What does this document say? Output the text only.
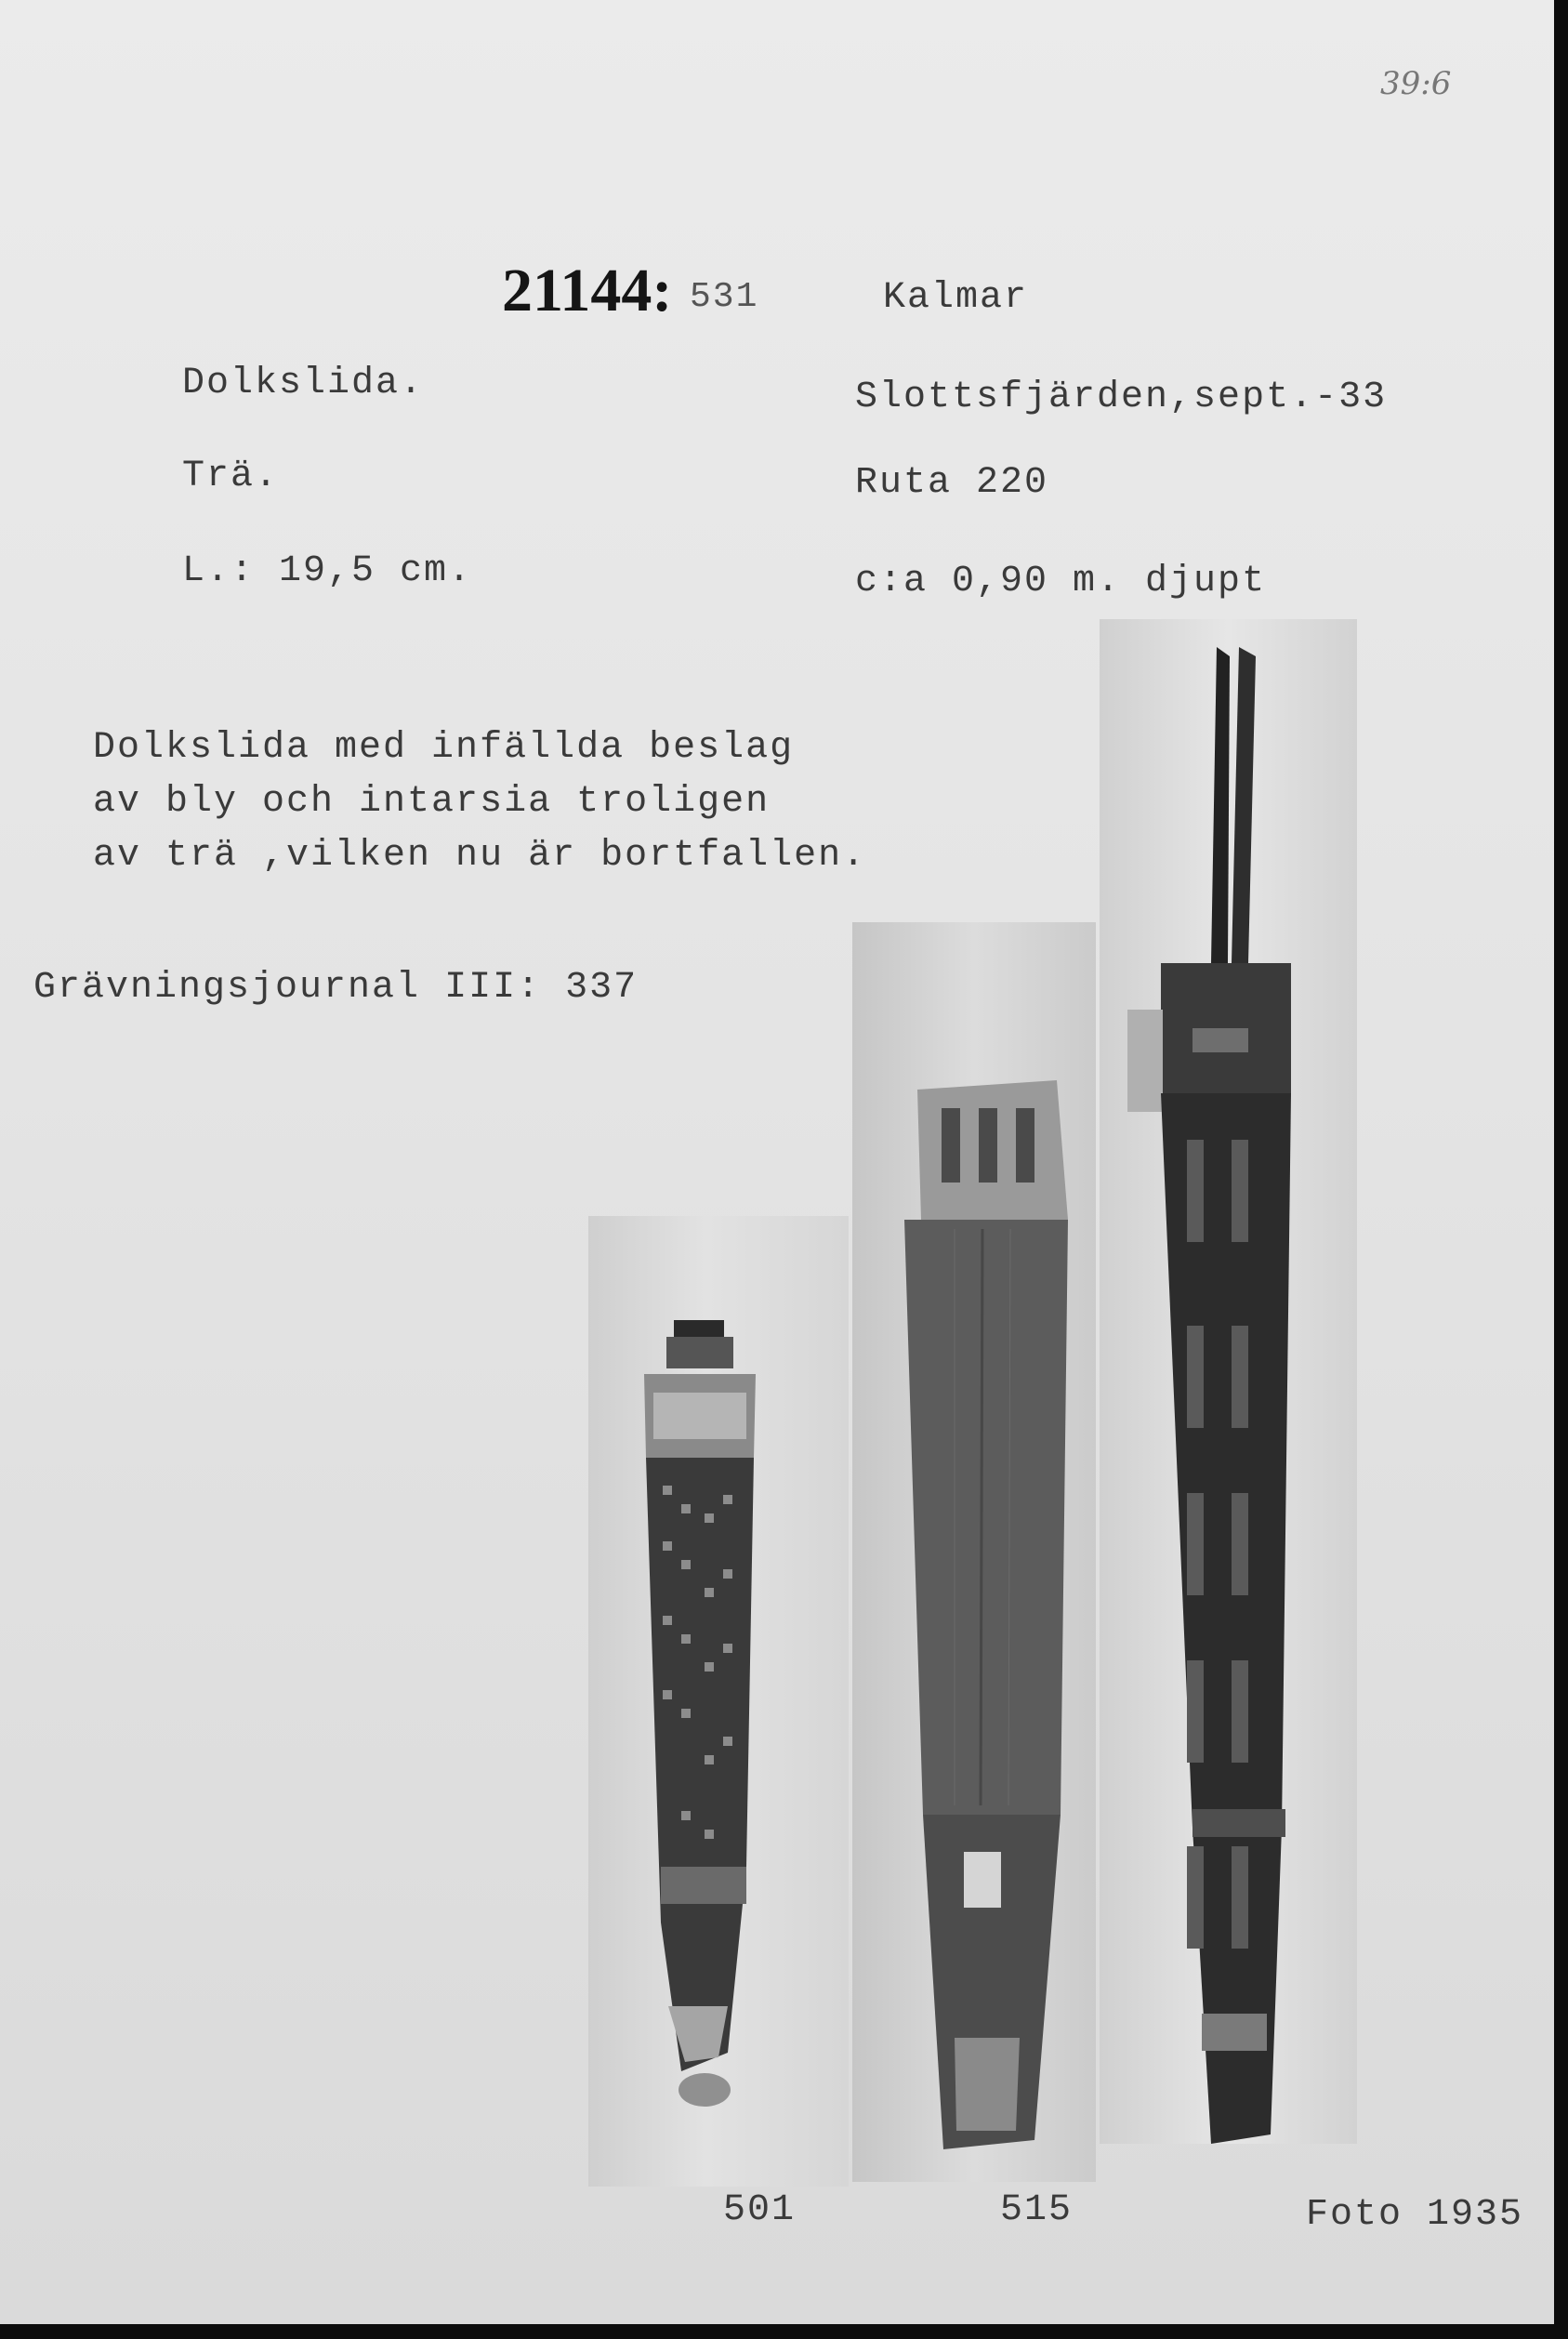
39:6
21144: 531	Kalmar
Dolkslida.	Slottsfjärden,sept.-33
Trä.	Ruta 220
L.: 19,5 cm.	c:a 0,90 m. djupt
Dolkslida med infällda beslag
av bly och intarsia troligen
av trä ,vilken nu är bortfallen.
Grävningsjournal III: 337
501	515	Foto 1935
